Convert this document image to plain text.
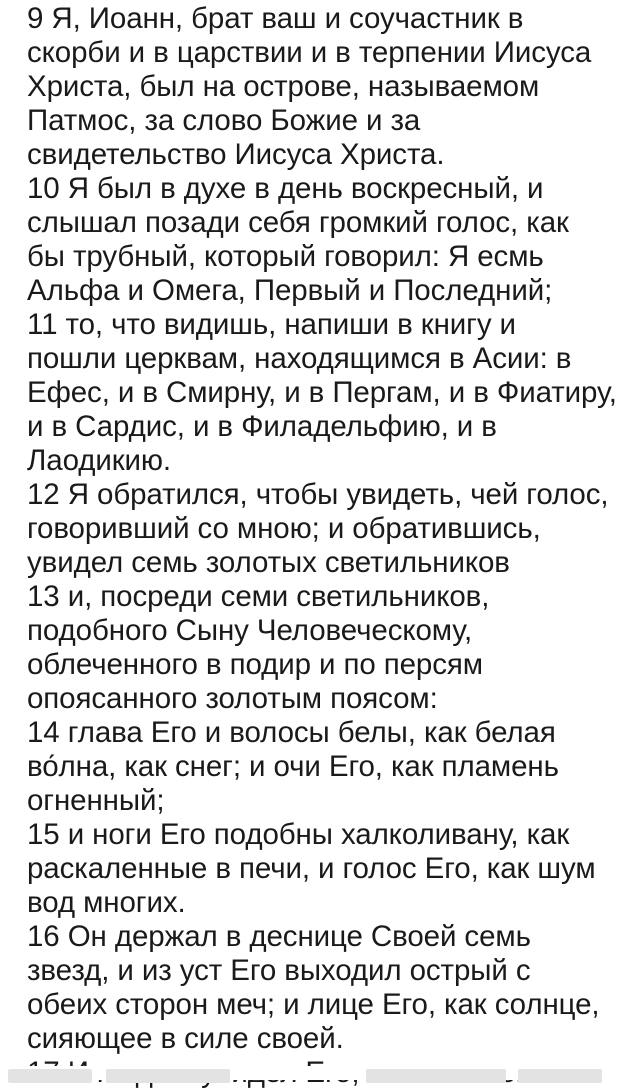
9 Я, Иоанн, брат ваш и соучастник в
скорби и в царствии и в терпении Иисуса
Христа, был на острове, называемом
Патмос, за слово Божие и за
свидетельство Иисуса Христа.
10 Я был в духе в день воскресный, и
слышал позади себя громкий голос, как
бы трубный, который говорил: Я есмь
Альфа и Омега, Первый и Последний;
11 то, что видишь, напиши в книгу и
пошли церквам, находящимся в Асии: в
Ефес, и в Смирну, и в Пергам, и в Фиатиру,
и в Сардис, и в Филадельфию, и в
Лаодикию.
12 Я обратился, чтобы увидеть, чей голос,
говоривший со мною; и обратившись,
увидел семь золотых светильников
13 и, посреди семи светильников,
подобного Сыну Человеческому,
облеченного в подир и по персям
опоясанного золотым поясом:
14 глава Его и волосы белы, как белая
во́лна, как снег; и очи Его, как пламень
огненный;
15 и ноги Его подобны халколивану, как
раскаленные в печи, и голос Его, как шум
вод многих.
16 Он держал в деснице Своей семь
звезд, и из уст Его выходил острый с
обеих сторон меч; и лице Его, как солнце,
сияющее в силе своей.
